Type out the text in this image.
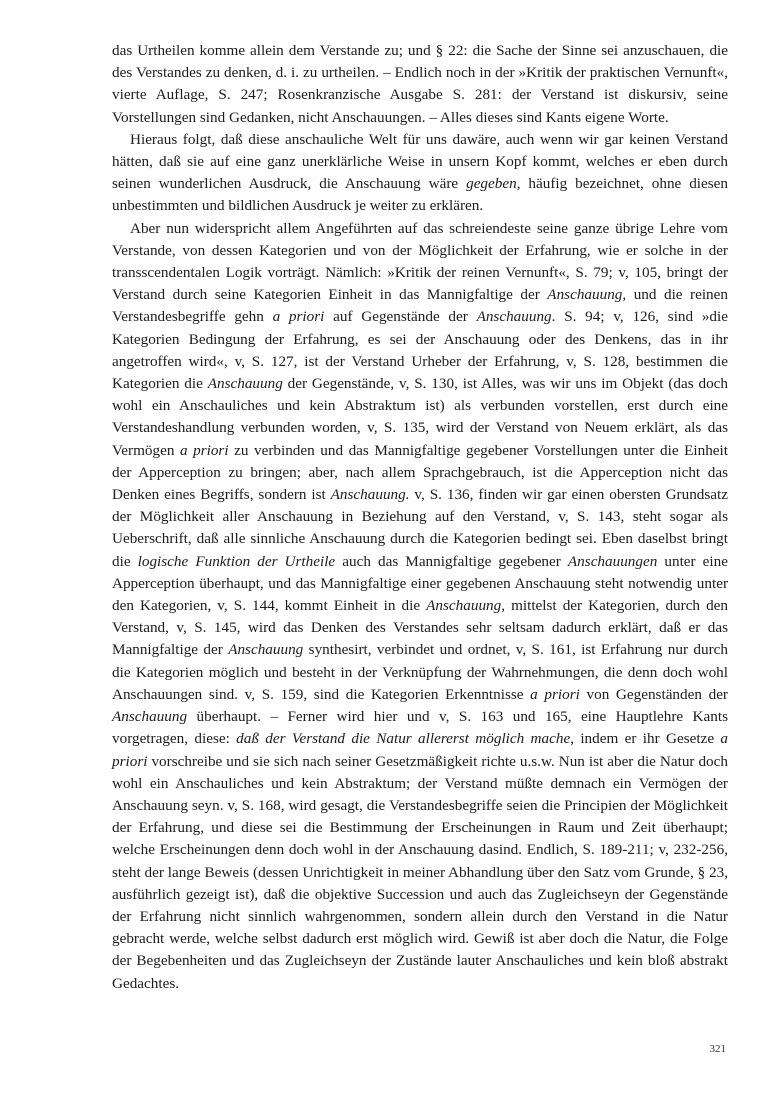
das Urtheilen komme allein dem Verstande zu; und § 22: die Sache der Sinne sei anzuschauen, die des Verstandes zu denken, d. i. zu urtheilen. – Endlich noch in der »Kritik der praktischen Vernunft«, vierte Auflage, S. 247; Rosenkranzische Ausgabe S. 281: der Verstand ist diskursiv, seine Vorstellungen sind Gedanken, nicht Anschauungen. – Alles dieses sind Kants eigene Worte.

Hieraus folgt, daß diese anschauliche Welt für uns dawäre, auch wenn wir gar keinen Verstand hätten, daß sie auf eine ganz unerklärliche Weise in unsern Kopf kommt, welches er eben durch seinen wunderlichen Ausdruck, die Anschauung wäre gegeben, häufig bezeichnet, ohne diesen unbestimmten und bildlichen Ausdruck je weiter zu erklären.

Aber nun widerspricht allem Angeführten auf das schreiendeste seine ganze übrige Lehre vom Verstande, von dessen Kategorien und von der Möglichkeit der Erfahrung, wie er solche in der transscendentalen Logik vorträgt. Nämlich: »Kritik der reinen Vernunft«, S. 79; v, 105, bringt der Verstand durch seine Kategorien Einheit in das Mannigfaltige der Anschauung, und die reinen Verstandesbegriffe gehn a priori auf Gegenstände der Anschauung. S. 94; v, 126, sind »die Kategorien Bedingung der Erfahrung, es sei der Anschauung oder des Denkens, das in ihr angetroffen wird«, v, S. 127, ist der Verstand Urheber der Erfahrung, v, S. 128, bestimmen die Kategorien die Anschauung der Gegenstände, v, S. 130, ist Alles, was wir uns im Objekt (das doch wohl ein Anschauliches und kein Abstraktum ist) als verbunden vorstellen, erst durch eine Verstandeshandlung verbunden worden, v, S. 135, wird der Verstand von Neuem erklärt, als das Vermögen a priori zu verbinden und das Mannigfaltige gegebener Vorstellungen unter die Einheit der Apperception zu bringen; aber, nach allem Sprachgebrauch, ist die Apperception nicht das Denken eines Begriffs, sondern ist Anschauung. v, S. 136, finden wir gar einen obersten Grundsatz der Möglichkeit aller Anschauung in Beziehung auf den Verstand, v, S. 143, steht sogar als Ueberschrift, daß alle sinnliche Anschauung durch die Kategorien bedingt sei. Eben daselbst bringt die logische Funktion der Urtheile auch das Mannigfaltige gegebener Anschauungen unter eine Apperception überhaupt, und das Mannigfaltige einer gegebenen Anschauung steht notwendig unter den Kategorien, v, S. 144, kommt Einheit in die Anschauung, mittelst der Kategorien, durch den Verstand, v, S. 145, wird das Denken des Verstandes sehr seltsam dadurch erklärt, daß er das Mannigfaltige der Anschauung synthesirt, verbindet und ordnet, v, S. 161, ist Erfahrung nur durch die Kategorien möglich und besteht in der Verknüpfung der Wahrnehmungen, die denn doch wohl Anschauungen sind. v, S. 159, sind die Kategorien Erkenntnisse a priori von Gegenständen der Anschauung überhaupt. – Ferner wird hier und v, S. 163 und 165, eine Hauptlehre Kants vorgetragen, diese: daß der Verstand die Natur allererst möglich mache, indem er ihr Gesetze a priori vorschreibe und sie sich nach seiner Gesetzmäßigkeit richte u.s.w. Nun ist aber die Natur doch wohl ein Anschauliches und kein Abstraktum; der Verstand müßte demnach ein Vermögen der Anschauung seyn. v, S. 168, wird gesagt, die Verstandesbegriffe seien die Principien der Möglichkeit der Erfahrung, und diese sei die Bestimmung der Erscheinungen in Raum und Zeit überhaupt; welche Erscheinungen denn doch wohl in der Anschauung dasind. Endlich, S. 189-211; v, 232-256, steht der lange Beweis (dessen Unrichtigkeit in meiner Abhandlung über den Satz vom Grunde, § 23, ausführlich gezeigt ist), daß die objektive Succession und auch das Zugleichseyn der Gegenstände der Erfahrung nicht sinnlich wahrgenommen, sondern allein durch den Verstand in die Natur gebracht werde, welche selbst dadurch erst möglich wird. Gewiß ist aber doch die Natur, die Folge der Begebenheiten und das Zugleichseyn der Zustände lauter Anschauliches und kein bloß abstrakt Gedachtes.

321
